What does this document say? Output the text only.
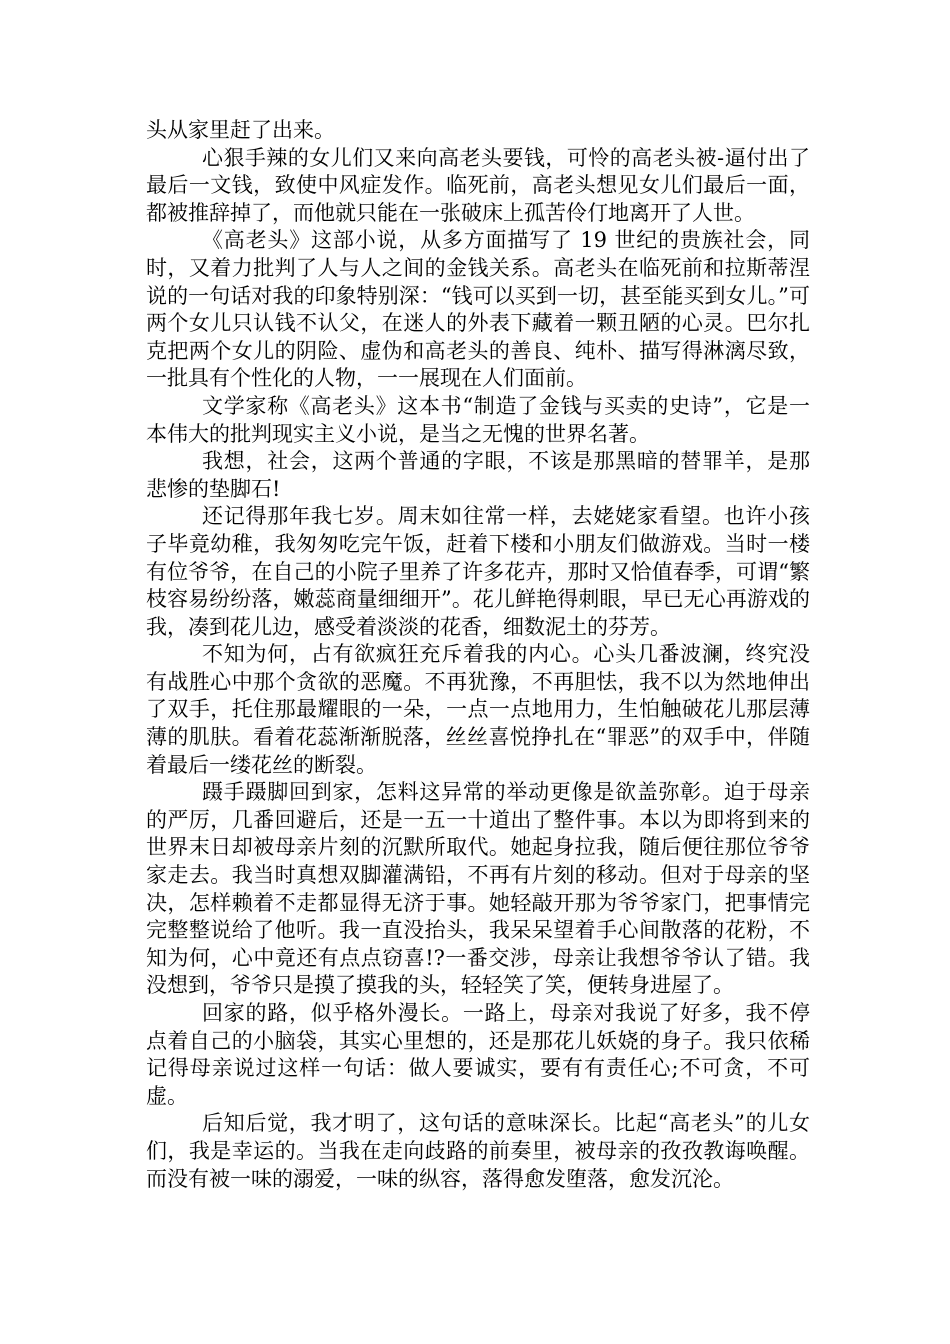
头从家里赶了出来。

心狠手辣的女儿们又来向高老头要钱，可怜的高老头被-逼付出了最后一文钱，致使中风症发作。临死前，高老头想见女儿们最后一面，都被推辞掉了，而他就只能在一张破床上孤苦伶仃地离开了人世。

《高老头》这部小说，从多方面描写了 19 世纪的贵族社会，同时，又着力批判了人与人之间的金钱关系。高老头在临死前和拉斯蒂涅说的一句话对我的印象特别深：“钱可以买到一切，甚至能买到女儿。”可两个女儿只认钱不认父，在迷人的外表下藏着一颗丑陋的心灵。巴尔扎克把两个女儿的阴险、虚伪和高老头的善良、纯朴、描写得淋漓尽致，一批具有个性化的人物，一一展现在人们面前。

文学家称《高老头》这本书“制造了金钱与买卖的史诗”，它是一本伟大的批判现实主义小说，是当之无愧的世界名著。

我想，社会，这两个普通的字眼，不该是那黑暗的替罪羊，是那悲惨的垫脚石!

还记得那年我七岁。周末如往常一样，去姥姥家看望。也许小孩子毕竟幼稚，我匆匆吃完午饭，赶着下楼和小朋友们做游戏。当时一楼有位爷爷，在自己的小院子里养了许多花卉，那时又恰值春季，可谓“繁枝容易纷纷落，嫩蕊商量细细开”。花儿鲜艳得刺眼，早已无心再游戏的我，凑到花儿边，感受着淡淡的花香，细数泥土的芬芳。

不知为何，占有欲疯狂充斥着我的内心。心头几番波澜，终究没有战胜心中那个贪欲的恶魔。不再犹豫，不再胆怯，我不以为然地伸出了双手，托住那最耀眼的一朵，一点一点地用力，生怕触破花儿那层薄薄的肌肤。看着花蕊渐渐脱落，丝丝喜悦挣扎在“罪恶”的双手中，伴随着最后一缕花丝的断裂。

蹑手蹑脚回到家，怎料这异常的举动更像是欲盖弥彰。迫于母亲的严厉，几番回避后，还是一五一十道出了整件事。本以为即将到来的世界末日却被母亲片刻的沉默所取代。她起身拉我，随后便往那位爷爷家走去。我当时真想双脚灌满铅，不再有片刻的移动。但对于母亲的坚决，怎样赖着不走都显得无济于事。她轻敲开那为爷爷家门，把事情完完整整说给了他听。我一直没抬头，我呆呆望着手心间散落的花粉，不知为何，心中竟还有点点窃喜!?一番交涉，母亲让我想爷爷认了错。我没想到，爷爷只是摸了摸我的头，轻轻笑了笑，便转身进屋了。

回家的路，似乎格外漫长。一路上，母亲对我说了好多，我不停点着自己的小脑袋，其实心里想的，还是那花儿妖娆的身子。我只依稀记得母亲说过这样一句话：做人要诚实，要有有责任心;不可贪，不可虚。

后知后觉，我才明了，这句话的意味深长。比起“高老头”的儿女们，我是幸运的。当我在走向歧路的前奏里，被母亲的孜孜教诲唤醒。而没有被一味的溺爱，一味的纵容，落得愈发堕落，愈发沉沦。
